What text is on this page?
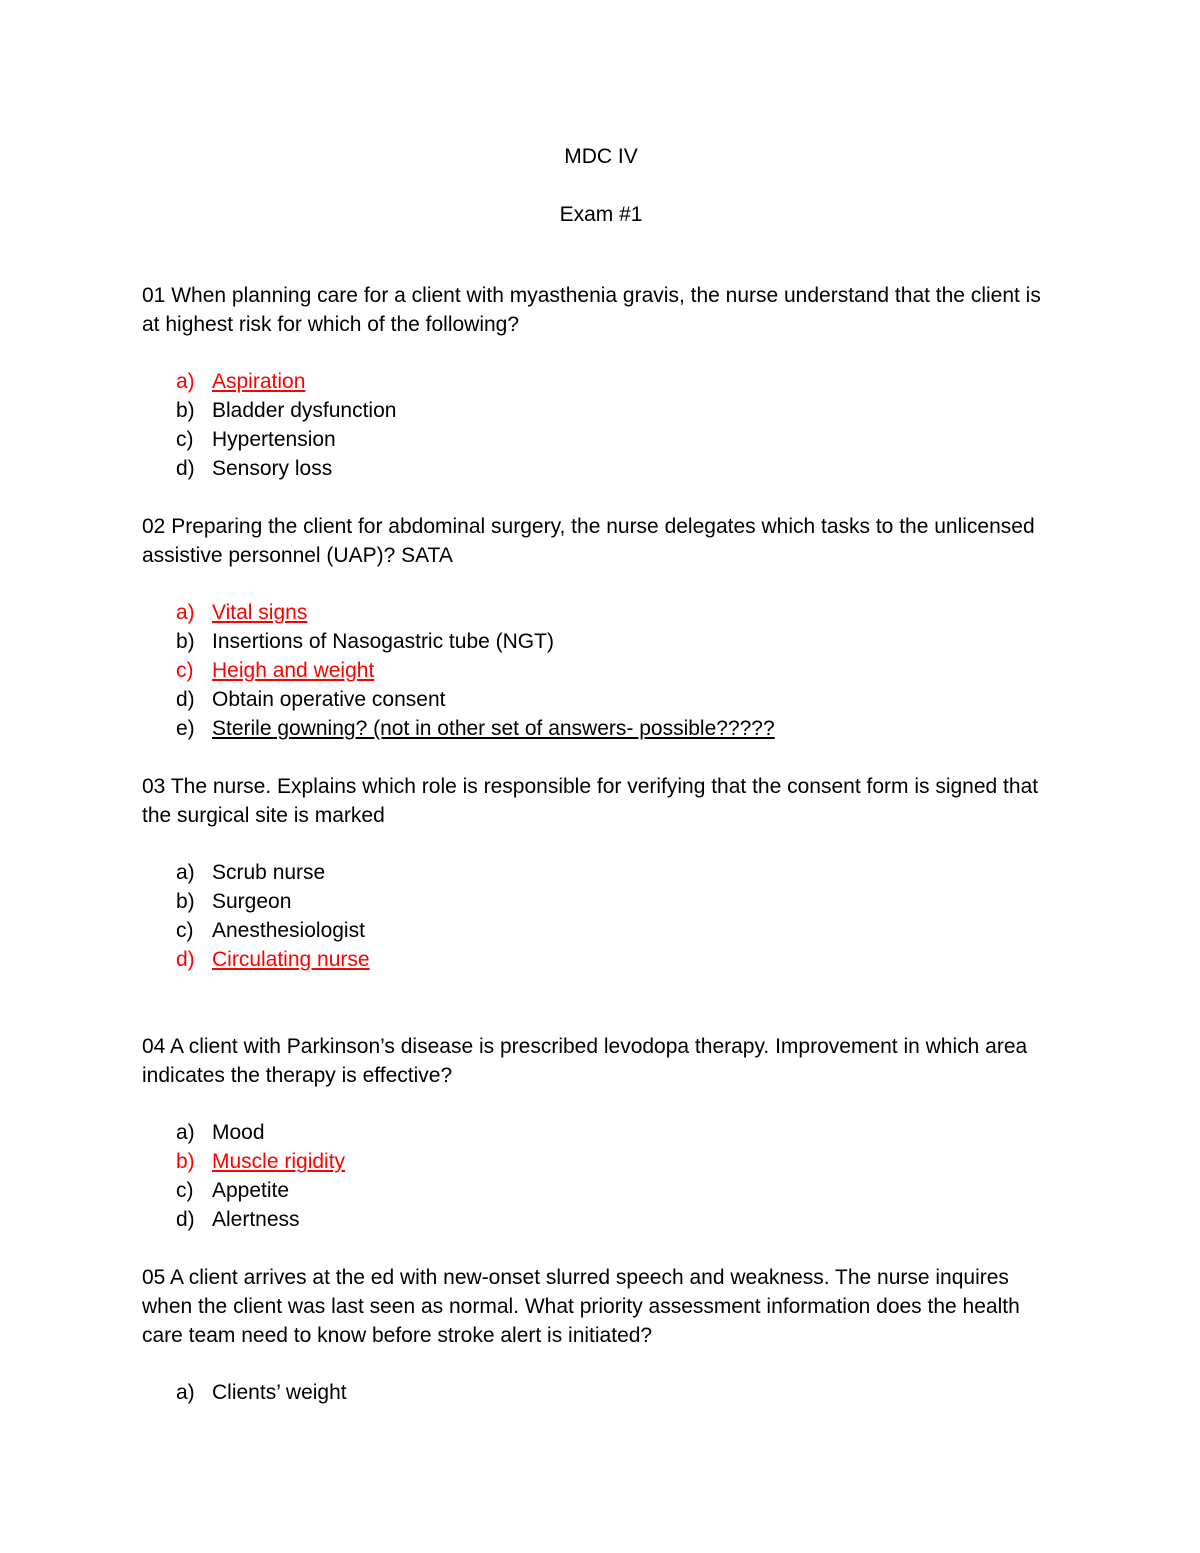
MDC IV

Exam #1

01 When planning care for a client with myasthenia gravis, the nurse understand that the client is at highest risk for which of the following?

a) Aspiration
b) Bladder dysfunction
c) Hypertension
d) Sensory loss

02 Preparing the client for abdominal surgery, the nurse delegates which tasks to the unlicensed assistive personnel (UAP)? SATA

a) Vital signs
b) Insertions of Nasogastric tube (NGT)
c) Heigh and weight
d) Obtain operative consent
e) Sterile gowning? (not in other set of answers- possible?????

03 The nurse. Explains which role is responsible for verifying that the consent form is signed that the surgical site is marked

a) Scrub nurse
b) Surgeon
c) Anesthesiologist
d) Circulating nurse

04 A client with Parkinson’s disease is prescribed levodopa therapy. Improvement in which area indicates the therapy is effective?

a) Mood
b) Muscle rigidity
c) Appetite
d) Alertness

05 A client arrives at the ed with new-onset slurred speech and weakness. The nurse inquires when the client was last seen as normal. What priority assessment information does the health care team need to know before stroke alert is initiated?

a) Clients’ weight
